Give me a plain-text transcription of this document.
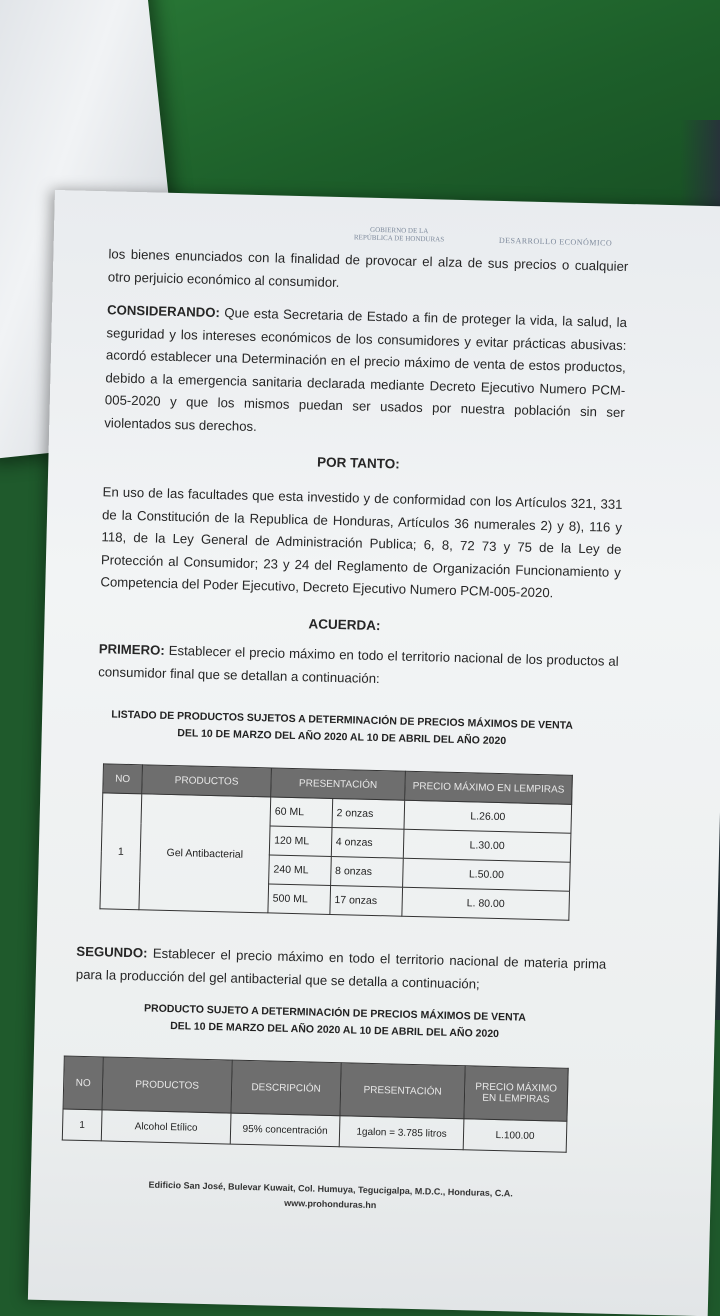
GOBIERNO DE LA
REPÚBLICA DE HONDURAS	DESARROLLO ECONÓMICO

los bienes enunciados con la finalidad de provocar el alza de sus precios o cualquier otro perjuicio económico al consumidor.

CONSIDERANDO: Que esta Secretaria de Estado a fin de proteger la vida, la salud, la seguridad y los intereses económicos de los consumidores y evitar prácticas abusivas: acordó establecer una Determinación en el precio máximo de venta de estos productos, debido a la emergencia sanitaria declarada mediante Decreto Ejecutivo Numero PCM-005-2020 y que los mismos puedan ser usados por nuestra población sin ser violentados sus derechos.

POR TANTO:

En uso de las facultades que esta investido y de conformidad con los Artículos 321, 331 de la Constitución de la Republica de Honduras, Artículos 36 numerales 2) y 8), 116 y 118, de la Ley General de Administración Publica; 6, 8, 72 73 y 75 de la Ley de Protección al Consumidor; 23 y 24 del Reglamento de Organización Funcionamiento y Competencia del Poder Ejecutivo, Decreto Ejecutivo Numero PCM-005-2020.

ACUERDA:

PRIMERO: Establecer el precio máximo en todo el territorio nacional de los productos al consumidor final que se detallan a continuación:

LISTADO DE PRODUCTOS SUJETOS A DETERMINACIÓN DE PRECIOS MÁXIMOS DE VENTA
DEL 10 DE MARZO DEL AÑO 2020 AL 10 DE ABRIL DEL AÑO 2020
NO	PRODUCTOS	PRESENTACIÓN		PRECIO MÁXIMO EN LEMPIRAS
1	Gel Antibacterial	60 ML	2 onzas	L.26.00
		120 ML	4 onzas	L.30.00
		240 ML	8 onzas	L.50.00
		500 ML	17 onzas	L. 80.00

SEGUNDO: Establecer el precio máximo en todo el territorio nacional de materia prima para la producción del gel antibacterial que se detalla a continuación;

PRODUCTO SUJETO A DETERMINACIÓN DE PRECIOS MÁXIMOS DE VENTA
DEL 10 DE MARZO DEL AÑO 2020 AL 10 DE ABRIL DEL AÑO 2020
NO	PRODUCTOS	DESCRIPCIÓN	PRESENTACIÓN	PRECIO MÁXIMO EN LEMPIRAS
1	Alcohol Etílico	95% concentración	1galon = 3.785 litros	L.100.00
Edificio San José, Bulevar Kuwait, Col. Humuya, Tegucigalpa, M.D.C., Honduras, C.A.
www.prohonduras.hn
